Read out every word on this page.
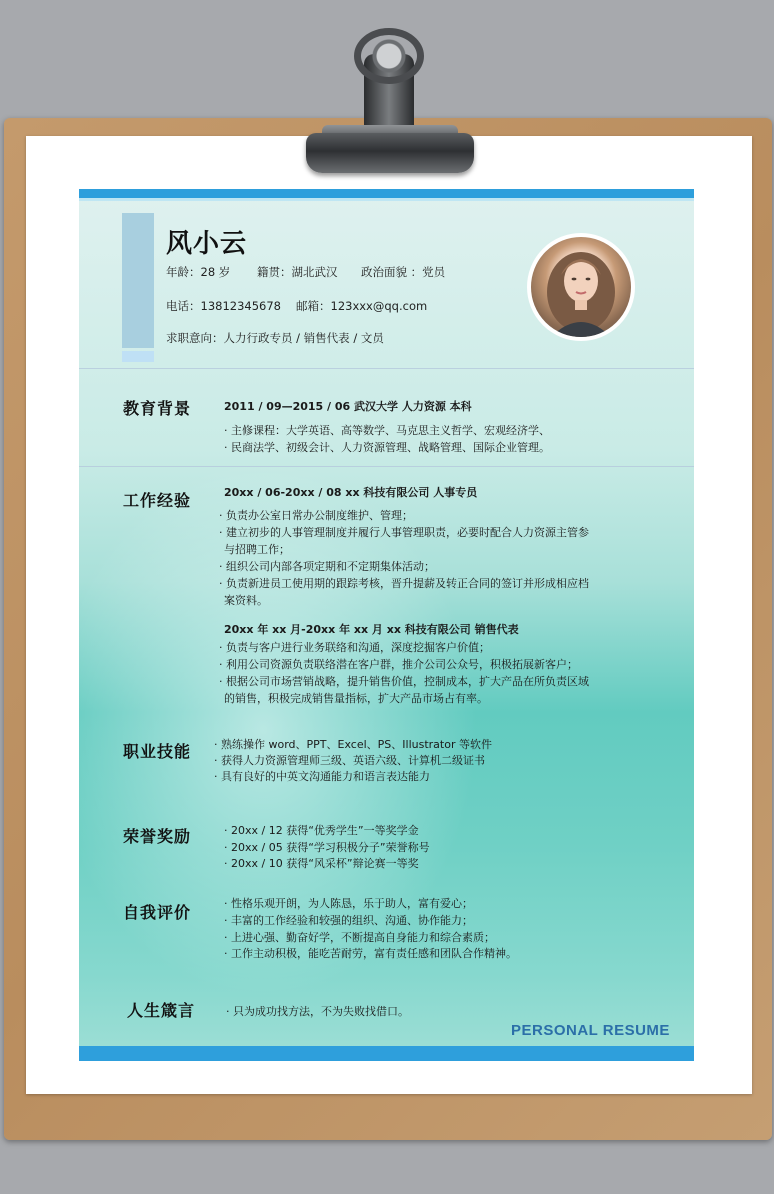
风小云
年龄：28 岁 籍贯：湖北武汉 政治面貌 ：党员
电话：13812345678 邮箱：123xxx@qq.com
求职意向：人力行政专员 / 销售代表 / 文员
教育背景	2011 / 09—2015 / 06 武汉大学 人力资源 本科
· 主修课程：大学英语、高等数学、马克思主义哲学、宏观经济学、
· 民商法学、初级会计、人力资源管理、战略管理、国际企业管理。
工作经验	20xx / 06-20xx / 08 xx 科技有限公司 人事专员
· 负责办公室日常办公制度维护、管理；
· 建立初步的人事管理制度并履行人事管理职责，必要时配合人力资源主管参
与招聘工作；
· 组织公司内部各项定期和不定期集体活动；
· 负责新进员工使用期的跟踪考核，晋升提薪及转正合同的签订并形成相应档
案资料。
20xx 年 xx 月-20xx 年 xx 月 xx 科技有限公司 销售代表
· 负责与客户进行业务联络和沟通，深度挖掘客户价值；
· 利用公司资源负责联络潜在客户群，推介公司公众号，积极拓展新客户；
· 根据公司市场营销战略，提升销售价值，控制成本，扩大产品在所负责区域
的销售，积极完成销售量指标，扩大产品市场占有率。
职业技能 · 熟练操作 word、PPT、Excel、PS、Illustrator 等软件
· 获得人力资源管理师三级、英语六级、计算机二级证书
· 具有良好的中英文沟通能力和语言表达能力
荣誉奖励	· 20xx / 12 获得“优秀学生”一等奖学金
· 20xx / 05 获得“学习积极分子”荣誉称号
· 20xx / 10 获得“风采杯”辩论赛一等奖
自我评价	· 性格乐观开朗，为人陈恳，乐于助人，富有爱心；
· 丰富的工作经验和较强的组织、沟通、协作能力；
· 上进心强、勤奋好学，不断提高自身能力和综合素质；
· 工作主动积极，能吃苦耐劳，富有责任感和团队合作精神。
人生箴言	· 只为成功找方法，不为失败找借口。
PERSONAL RESUME
